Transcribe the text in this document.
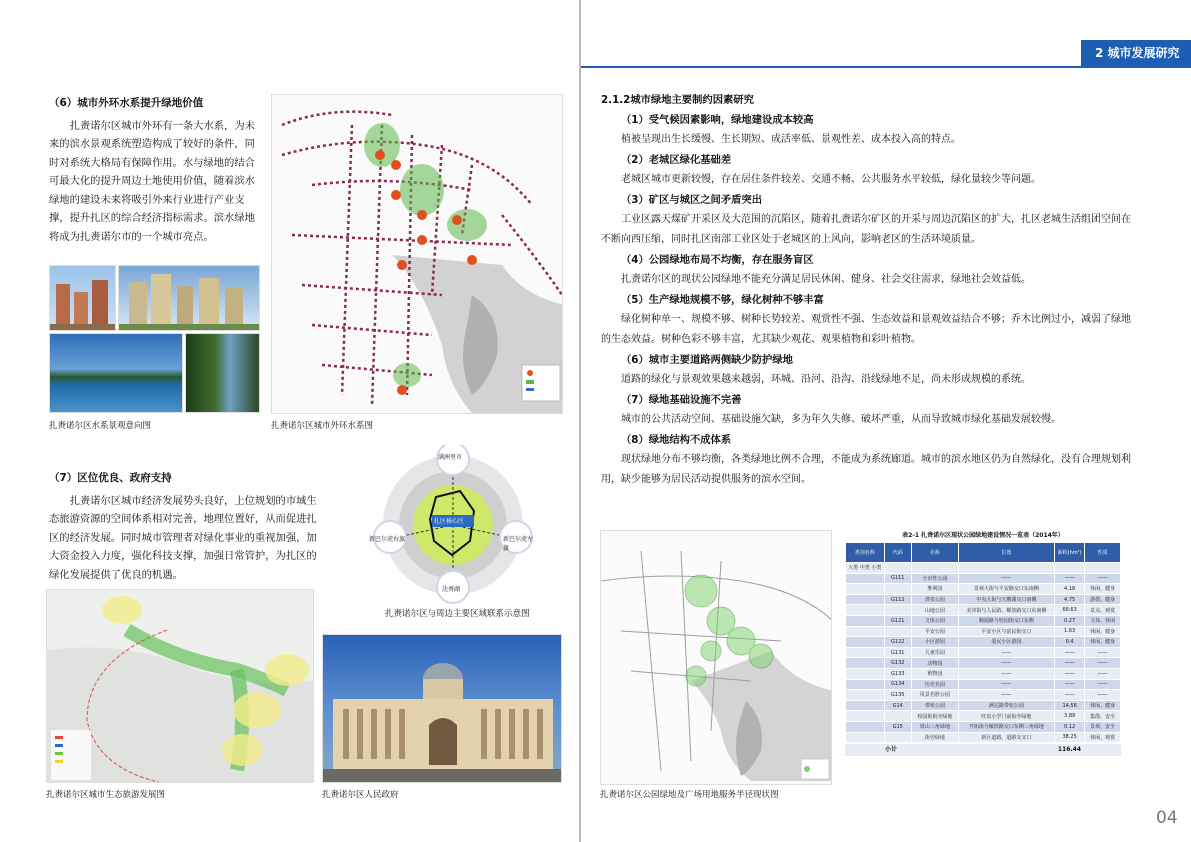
（6）城市外环水系提升绿地价值
扎赉诺尔区城市外环有一条大水系，为未来的滨水景观系统塑造构成了较好的条件，同时对系统大格局有保障作用。水与绿地的结合可最大化的提升周边土地使用价值，随着滨水绿地的建设未来将吸引外来行业进行产业支撑，提升扎区的综合经济指标需求。滨水绿地将成为扎赉诺尔市的一个城市亮点。
扎赉诺尔区水系景观意向图	扎赉诺尔区城市外环水系图
（7）区位优良、政府支持
扎赉诺尔区城市经济发展势头良好，上位规划的市域生态旅游资源的空间体系相对完善，地理位置好，从而促进扎区的经济发展。同时城市管理者对绿化事业的重视加强，加大资金投入力度，强化科技支撑，加强日常管护，为扎区的绿化发展提供了优良的机遇。
满洲里市
新巴尔虎右旗	新巴尔虎左旗
达赉湖
扎区核心区
扎赉诺尔区与周边主要区域联系示意图
扎赉诺尔区城市生态旅游发展图	扎赉诺尔区人民政府
2 城市发展研究
2.1.2城市绿地主要制约因素研究
（1）受气候因素影响，绿地建设成本较高
植被呈现出生长缓慢、生长期短、成活率低、景观性差、成本投入高的特点。
（2）老城区绿化基础差
老城区城市更新较慢，存在居住条件较差、交通不畅、公共服务水平较低，绿化量较少等问题。
（3）矿区与城区之间矛盾突出
工业区露天煤矿开采区及大范围的沉陷区，随着扎赉诺尔矿区的开采与周边沉陷区的扩大，扎区老城生活组团空间在不断向西压缩，同时扎区南部工业区处于老城区的上风向，影响老区的生活环境质量。
（4）公园绿地布局不均衡，存在服务盲区
扎赉诺尔区的现状公园绿地不能充分满足居民休闲、健身、社会交往需求，绿地社会效益低。
（5）生产绿地规模不够，绿化树种不够丰富
绿化树种单一、规模不够、树种长势较差、观赏性不强、生态效益和景观效益结合不够；乔木比例过小，减弱了绿地的生态效益。树种色彩不够丰富，尤其缺少观花、观果植物和彩叶植物。
（6）城市主要道路两侧缺少防护绿地
道路的绿化与景观效果越来越弱，环城、沿河、沿沟、沿线绿地不足，尚未形成规模的系统。
（7）绿地基础设施不完善
城市的公共活动空间、基础设施欠缺，多为年久失修、破坏严重，从而导致城市绿化基础发展较慢。
（8）绿地结构不成体系
现状绿地分布不够均衡，各类绿地比例不合理，不能成为系统廊道。城市的滨水地区仍为自然绿化，没有合理规划利用，缺少能够为居民活动提供服务的滨水空间。
扎赉诺尔区公园绿地及广场用地服务半径现状图
表2-1 扎赉诺尔区现状公园绿地建设情况一览表（2014年）
类别名称	代码	名称	位置	面积(hm²)	性质
大类 中类 小类					
	G111	全市性公园	——	——	——
		胜利园	景观大街与平安路交口东南侧	4.18	休闲、健身
	G112	清泉公园	中央大街与天鹅湖交口南侧	4.75	游憩、健身
		山地公园	美容街与人民路、解放路交口东南侧	68.63	景点、观赏
	G121	文体公园	顺通路与校园街交口东侧	0.27	文体、休闲
		平安公园	平安小区与富民街交口	1.63	休闲、健身
	G122	小区游园	爱民小区游园	0.4	休闲、健身
	G131	儿童乐园	——	——	——
	G132	动物园	——	——	——
	G133	植物园	——	——	——
	G134	历史名园	——	——	——
	G135	风景名胜公园	——	——	——
	G14	带状公园	满达路带状公园	14.56	休闲、健身
		校园街街旁绿地	旺泉小学门前街旁绿地	3.89	集散、安全
	G15	铁山三角绿地	开拓街与解放路交口东侧三角绿地	0.12	景观、安全
		街旁绿地	新区道路、道路交叉口	38.25	休闲、观赏
小计	116.44
04
